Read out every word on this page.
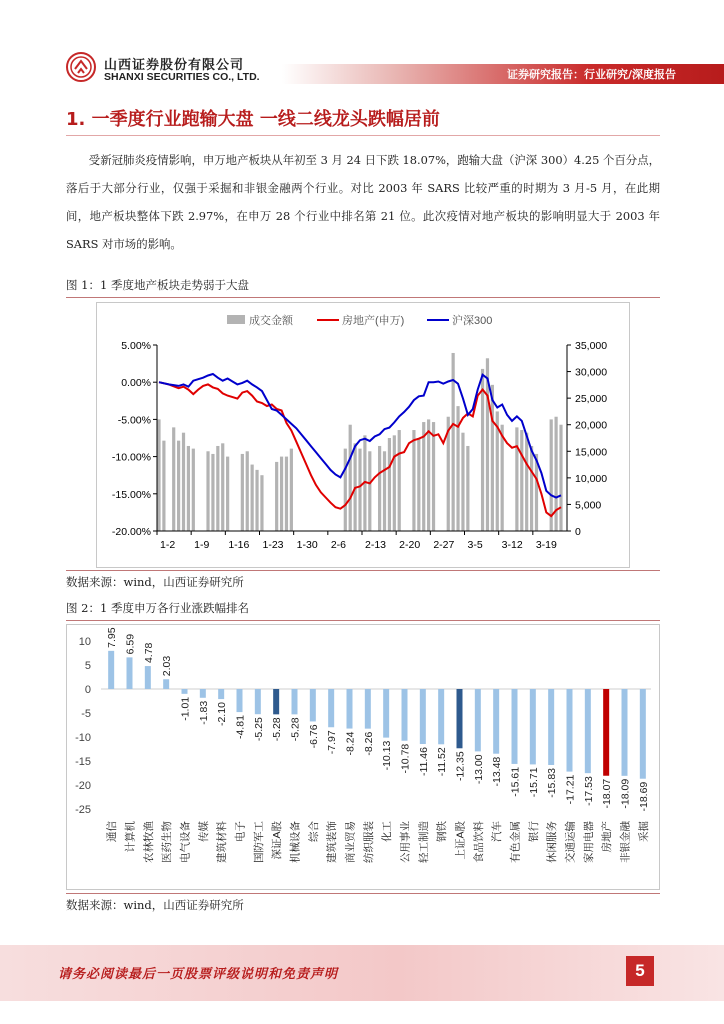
山西证券股份有限公司
SHANXI SECURITIES CO., LTD.	证券研究报告：行业研究/深度报告
1. 一季度行业跑输大盘 一线二线龙头跌幅居前
受新冠肺炎疫情影响，申万地产板块从年初至 3 月 24 日下跌 18.07%，跑输大盘（沪深 300）4.25 个百分点，落后于大部分行业，仅强于采掘和非银金融两个行业。对比 2003 年 SARS 比较严重的时期为 3 月-5 月，在此期间，地产板块整体下跌 2.97%，在申万 28 个行业中排名第 21 位。此次疫情对地产板块的影响明显大于 2003 年 SARS 对市场的影响。
图 1：1 季度地产板块走势弱于大盘
成交金额	房地产(申万)	沪深300
5.00%
0.00%
-5.00%
-10.00%
-15.00%
-20.00%
35,000
30,000
25,000
20,000
15,000
10,000
5,000
0
1-2 1-9 1-16 1-23 1-30 2-6 2-13 2-20 2-27 3-5 3-12 3-19
数据来源：wind，山西证券研究所
图 2：1 季度申万各行业涨跌幅排名
10
5
0
-5
-10
-15
-20
-25
7.95
通信
6.59
计算机
4.78
农林牧渔
2.03
医药生物
-1.01
电气设备
-1.83
传媒
-2.10
建筑材料
-4.81
电子
-5.25
国防军工
-5.28
深证A股
-5.28
机械设备
-6.76
综合
-7.97
建筑装饰
-8.24
商业贸易
-8.26
纺织服装
-10.13
化工
-10.78
公用事业
-11.46
轻工制造
-11.52
钢铁
-12.35
上证A股
-13.00
食品饮料
-13.48
汽车
-15.61
有色金属
-15.71
银行
-15.83
休闲服务
-17.21
交通运输
-17.53
家用电器
-18.07
房地产
-18.09
非银金融
-18.69
采掘
数据来源：wind，山西证券研究所
请务必阅读最后一页股票评级说明和免责声明	5
